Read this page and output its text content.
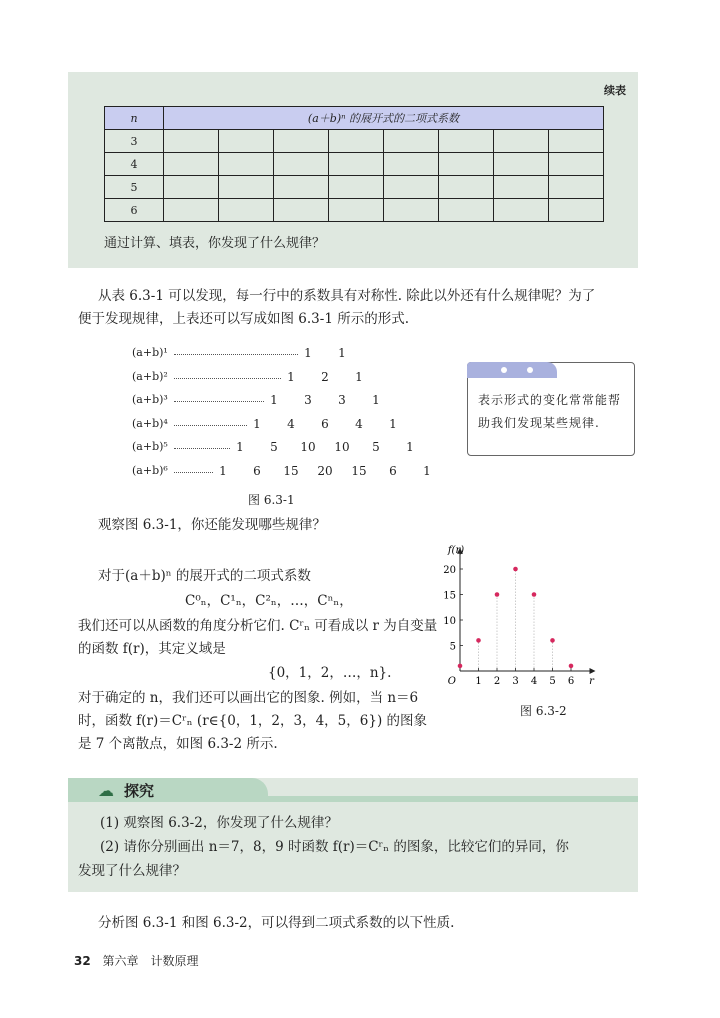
续表
n	(a＋b)ⁿ 的展开式的二项式系数							
3								
4								
5								
6								
通过计算、填表，你发现了什么规律？
从表 6.3-1 可以发现，每一行中的系数具有对称性. 除此以外还有什么规律呢？为了
便于发现规律，上表还可以写成如图 6.3-1 所示的形式.
(a+b)¹	1	1
(a+b)²	1	2	1
(a+b)³	1	3	3	1
(a+b)⁴	1	4	6	4	1
(a+b)⁵	1	5	10	10	5	1
(a+b)⁶	1	6	15	20	15	6	1
图 6.3-1
表示形式的变化常常能帮助我们发现某些规律.
观察图 6.3-1，你还能发现哪些规律？
对于(a＋b)ⁿ 的展开式的二项式系数
C⁰ₙ，C¹ₙ，C²ₙ，…，Cⁿₙ，
我们还可以从函数的角度分析它们. Cʳₙ 可看成以 r 为自变量的函数 f(r)，其定义域是
{0，1，2，…，n}.
对于确定的 n，我们还可以画出它的图象. 例如，当 n＝6 时，函数 f(r)＝Cʳₙ (r∈{0，1，2，3，4，5，6}) 的图象是 7 个离散点，如图 6.3-2 所示.
1 2 3 4 5 6
5
10
15
20
O	r
f(r)
图 6.3-2
☁ 探究
(1) 观察图 6.3-2，你发现了什么规律？
(2) 请你分别画出 n＝7，8，9 时函数 f(r)＝Cʳₙ 的图象，比较它们的异同，你
发现了什么规律？
分析图 6.3-1 和图 6.3-2，可以得到二项式系数的以下性质.
32 第六章　计数原理
